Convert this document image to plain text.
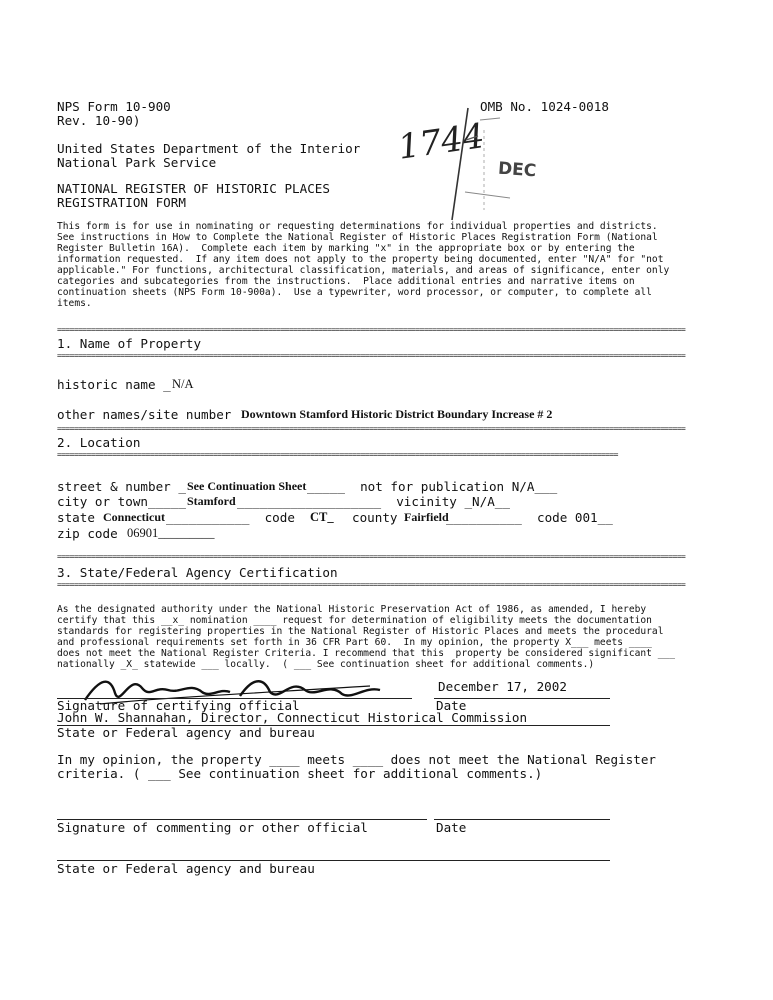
NPS Form 10-900
Rev. 10-90)
OMB No. 1024-0018
United States Department of the Interior
National Park Service
NATIONAL REGISTER OF HISTORIC PLACES
REGISTRATION FORM
1744
DEC
This form is for use in nominating or requesting determinations for individual properties and districts.
See instructions in How to Complete the National Register of Historic Places Registration Form (National
Register Bulletin 16A).  Complete each item by marking "x" in the appropriate box or by entering the
information requested.  If any item does not apply to the property being documented, enter "N/A" for "not
applicable." For functions, architectural classification, materials, and areas of significance, enter only
categories and subcategories from the instructions.  Place additional entries and narrative items on
continuation sheets (NPS Form 10-900a).  Use a typewriter, word processor, or computer, to complete all
items.
=====================================================================================================================================================
1. Name of Property
=====================================================================================================================================================
historic name _ N/A
other names/site number Downtown Stamford Historic District Boundary Increase # 2
=====================================================================================================================================================
2. Location
=====================================================================================================================================
street & number _ See Continuation Sheet _____  not for publication N/A___
city or town_____ Stamford ___________________  vicinity _N/A__
state Connecticut ___________  code CT_ county Fairfield
__________  code 001__
zip code 06901_________
=====================================================================================================================================================
3. State/Federal Agency Certification
=====================================================================================================================================================
As the designated authority under the National Historic Preservation Act of 1986, as amended, I hereby
certify that this __x_ nomination ____ request for determination of eligibility meets the documentation
standards for registering properties in the National Register of Historic Places and meets the procedural
and professional requirements set forth in 36 CFR Part 60.  In my opinion, the property X___ meets ____
does not meet the National Register Criteria. I recommend that this  property be considered significant ___
nationally _X_ statewide ___ locally.  ( ___ See continuation sheet for additional comments.)
December 17, 2002
Signature of certifying official	Date
John W. Shannahan, Director, Connecticut Historical Commission
State or Federal agency and bureau
In my opinion, the property ____ meets ____ does not meet the National Register
criteria. ( ___ See continuation sheet for additional comments.)
Signature of commenting or other official	Date
State or Federal agency and bureau
